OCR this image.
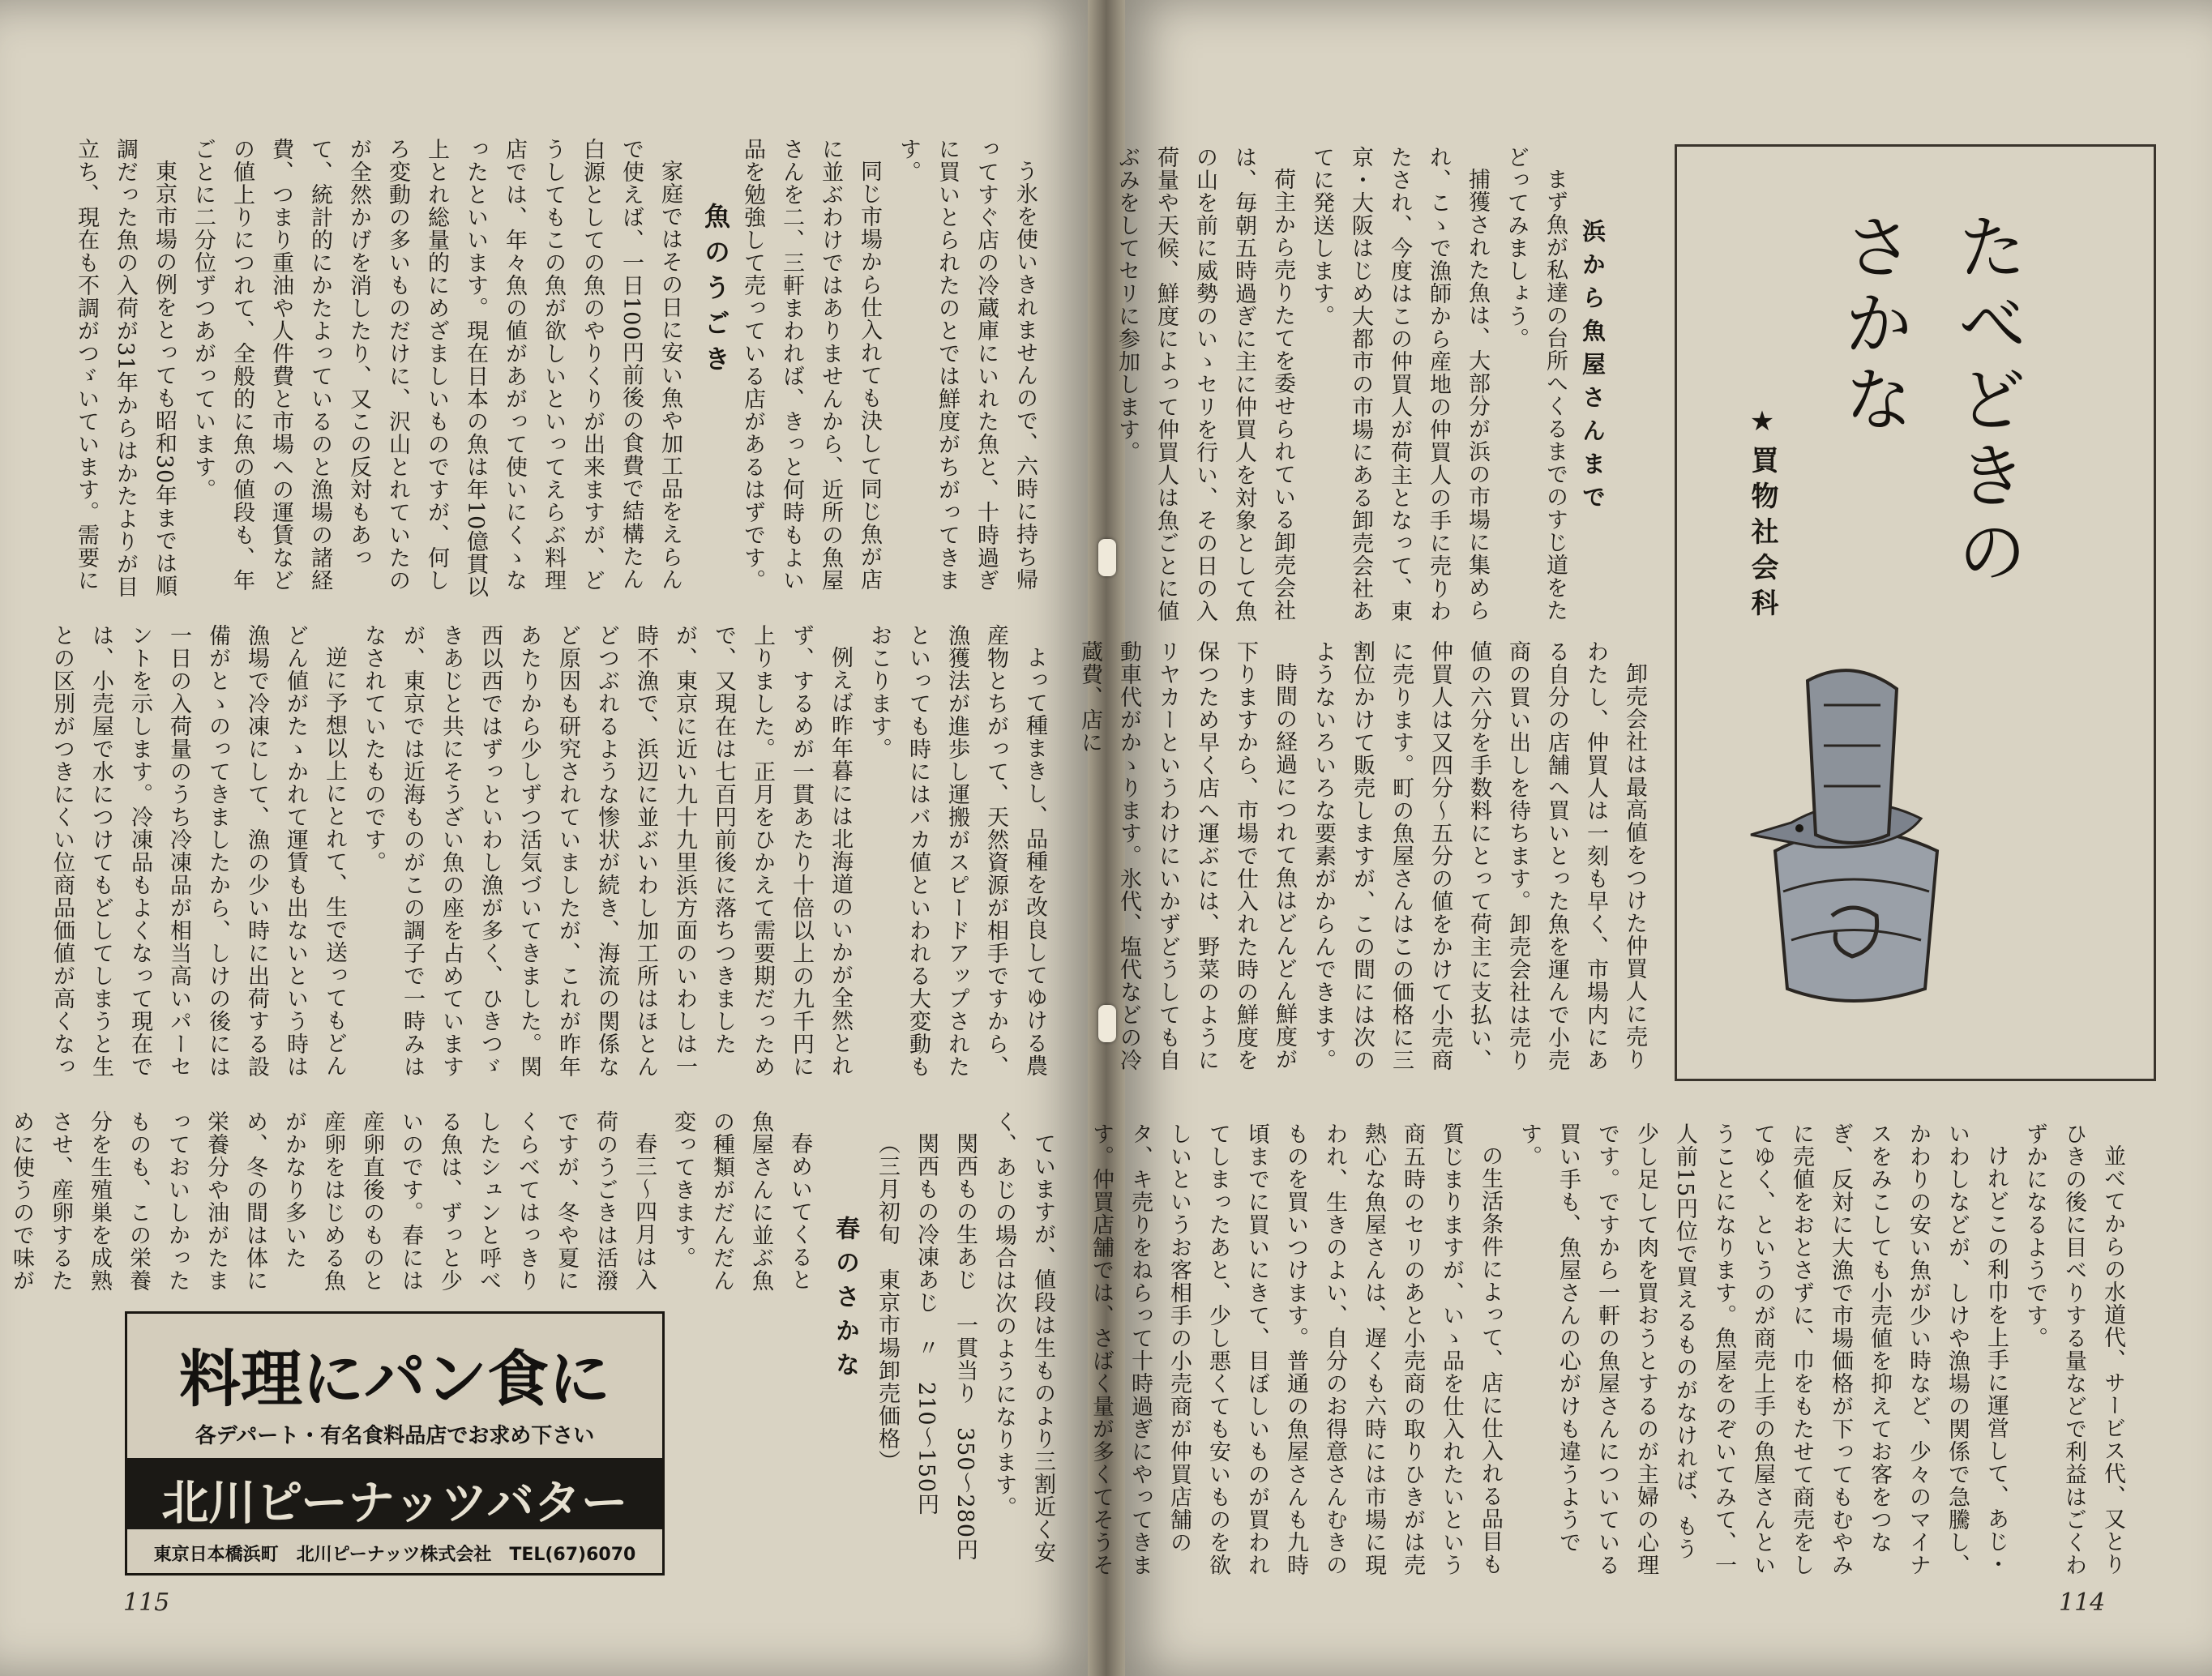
たべどきの
さかな
★買物社会科
浜から魚屋さんまで

まず魚が私達の台所へくるまでのすじ道をたどってみましょう。

捕獲された魚は、大部分が浜の市場に集められ、こゝで漁師から産地の仲買人の手に売りわたされ、今度はこの仲買人が荷主となって、東京・大阪はじめ大都市の市場にある卸売会社あてに発送します。

荷主から売りたてを委せられている卸売会社は、毎朝五時過ぎに主に仲買人を対象として魚の山を前に威勢のいゝセリを行い、その日の入荷量や天候、鮮度によって仲買人は魚ごとに値ぶみをしてセリに参加します。

卸売会社は最高値をつけた仲買人に売りわたし、仲買人は一刻も早く、市場内にある自分の店舗へ買いとった魚を運んで小売商の買い出しを待ちます。卸売会社は売り値の六分を手数料にとって荷主に支払い、仲買人は又四分〜五分の値をかけて小売商に売ります。町の魚屋さんはこの価格に三割位かけて販売しますが、この間には次のようないろいろな要素がからんできます。

時間の経過につれて魚はどんどん鮮度が下りますから、市場で仕入れた時の鮮度を保つため早く店へ運ぶには、野菜のようにリヤカーというわけにいかずどうしても自動車代がかゝります。氷代、塩代などの冷蔵費、店に

並べてからの水道代、サービス代、又とりひきの後に目べりする量などで利益はごくわずかになるようです。

けれどこの利巾を上手に運営して、あじ・いわしなどが、しけや漁場の関係で急騰し、かわりの安い魚が少い時など、少々のマイナスをみこしても小売値を抑えてお客をつなぎ、反対に大漁で市場価格が下ってもむやみに売値をおとさずに、巾をもたせて商売をしてゆく、というのが商売上手の魚屋さんということになります。魚屋をのぞいてみて、一人前15円位で買えるものがなければ、もう少し足して肉を買おうとするのが主婦の心理です。ですから一軒の魚屋さんについている買い手も、魚屋さんの心がけも違うようです。

の生活条件によって、店に仕入れる品目も質じまりますが、いゝ品を仕入れたいという商五時のセリのあと小売商の取りひきがは売熱心な魚屋さんは、遅くも六時には市場に現われ、生きのよい、自分のお得意さんむきのものを買いつけます。普通の魚屋さんも九時頃までに買いにきて、目ぼしいものが買われてしまったあと、少し悪くても安いものを欲しいというお客相手の小売商が仲買店舗のタ、キ売りをねらって十時過ぎにやってきます。仲買店舗では、さばく量が多くてそうそ

114

う氷を使いきれませんので、六時に持ち帰ってすぐ店の冷蔵庫にいれた魚と、十時過ぎに買いとられたのとでは鮮度がちがってきます。

同じ市場から仕入れても決して同じ魚が店に並ぶわけではありませんから、近所の魚屋さんを二、三軒まわれば、きっと何時もよい品を勉強して売っている店があるはずです。

魚のうごき

家庭ではその日に安い魚や加工品をえらんで使えば、一日100円前後の食費で結構たん白源としての魚のやりくりが出来ますが、どうしてもこの魚が欲しいといってえらぶ料理店では、年々魚の値があがって使いにくゝなったといいます。現在日本の魚は年10億貫以上とれ総量的にめざましいものですが、何しろ変動の多いものだけに、沢山とれていたのが全然かげを消したり、又この反対もあって、統計的にかたよっているのと漁場の諸経費、つまり重油や人件費と市場への運賃などの値上りにつれて、全般的に魚の値段も、年ごとに二分位ずつあがっています。

東京市場の例をとっても昭和30年までは順調だった魚の入荷が31年からはかたよりが目立ち、現在も不調がつゞいています。需要に

よって種まきし、品種を改良してゆける農産物とちがって、天然資源が相手ですから、漁獲法が進歩し運搬がスピードアップされたといっても時にはバカ値といわれる大変動もおこります。

例えば昨年暮には北海道のいかが全然とれず、するめが一貫あたり十倍以上の九千円に上りました。正月をひかえて需要期だっためで、又現在は七百円前後に落ちつきましたが、東京に近い九十九里浜方面のいわしは一時不漁で、浜辺に並ぶいわし加工所はほとんどつぶれるような惨状が続き、海流の関係など原因も研究されていましたが、これが昨年あたりから少しずつ活気づいてきました。関西以西ではずっといわし漁が多く、ひきつゞきあじと共にそうざい魚の座を占めていますが、東京では近海ものがこの調子で一時みはなされていたものです。

逆に予想以上にとれて、生で送ってもどんどん値がたゝかれて運賃も出ないという時は漁場で冷凍にして、漁の少い時に出荷する設備がとゝのってきましたから、しけの後には一日の入荷量のうち冷凍品が相当高いパーセントを示します。冷凍品もよくなって現在では、小売屋で水につけてもどしてしまうと生との区別がつきにくい位商品価値が高くなっ

ていますが、値段は生ものより三割近く安く、あじの場合は次のようになります。

関西もの生あじ　一貫当り　350〜280円

関西もの冷凍あじ　〃　210〜150円

（三月初旬　東京市場卸売価格）

春のさかな

春めいてくると魚屋さんに並ぶ魚の種類がだんだん変ってきます。

春三〜四月は入荷のうごきは活潑ですが、冬や夏にくらべてはっきりしたシュンと呼べる魚は、ずっと少いのです。春には産卵直後のものと産卵をはじめる魚がかなり多いため、冬の間は体に栄養分や油がたまっておいしかったものも、この栄養分を生殖巣を成熟させ、産卵するために使うので味が

料理にパン食に
各デパート・有名食料品店でお求め下さい
北川ピーナッツバター
東京日本橋浜町　北川ピーナッツ株式会社　TEL(67)6070
115
